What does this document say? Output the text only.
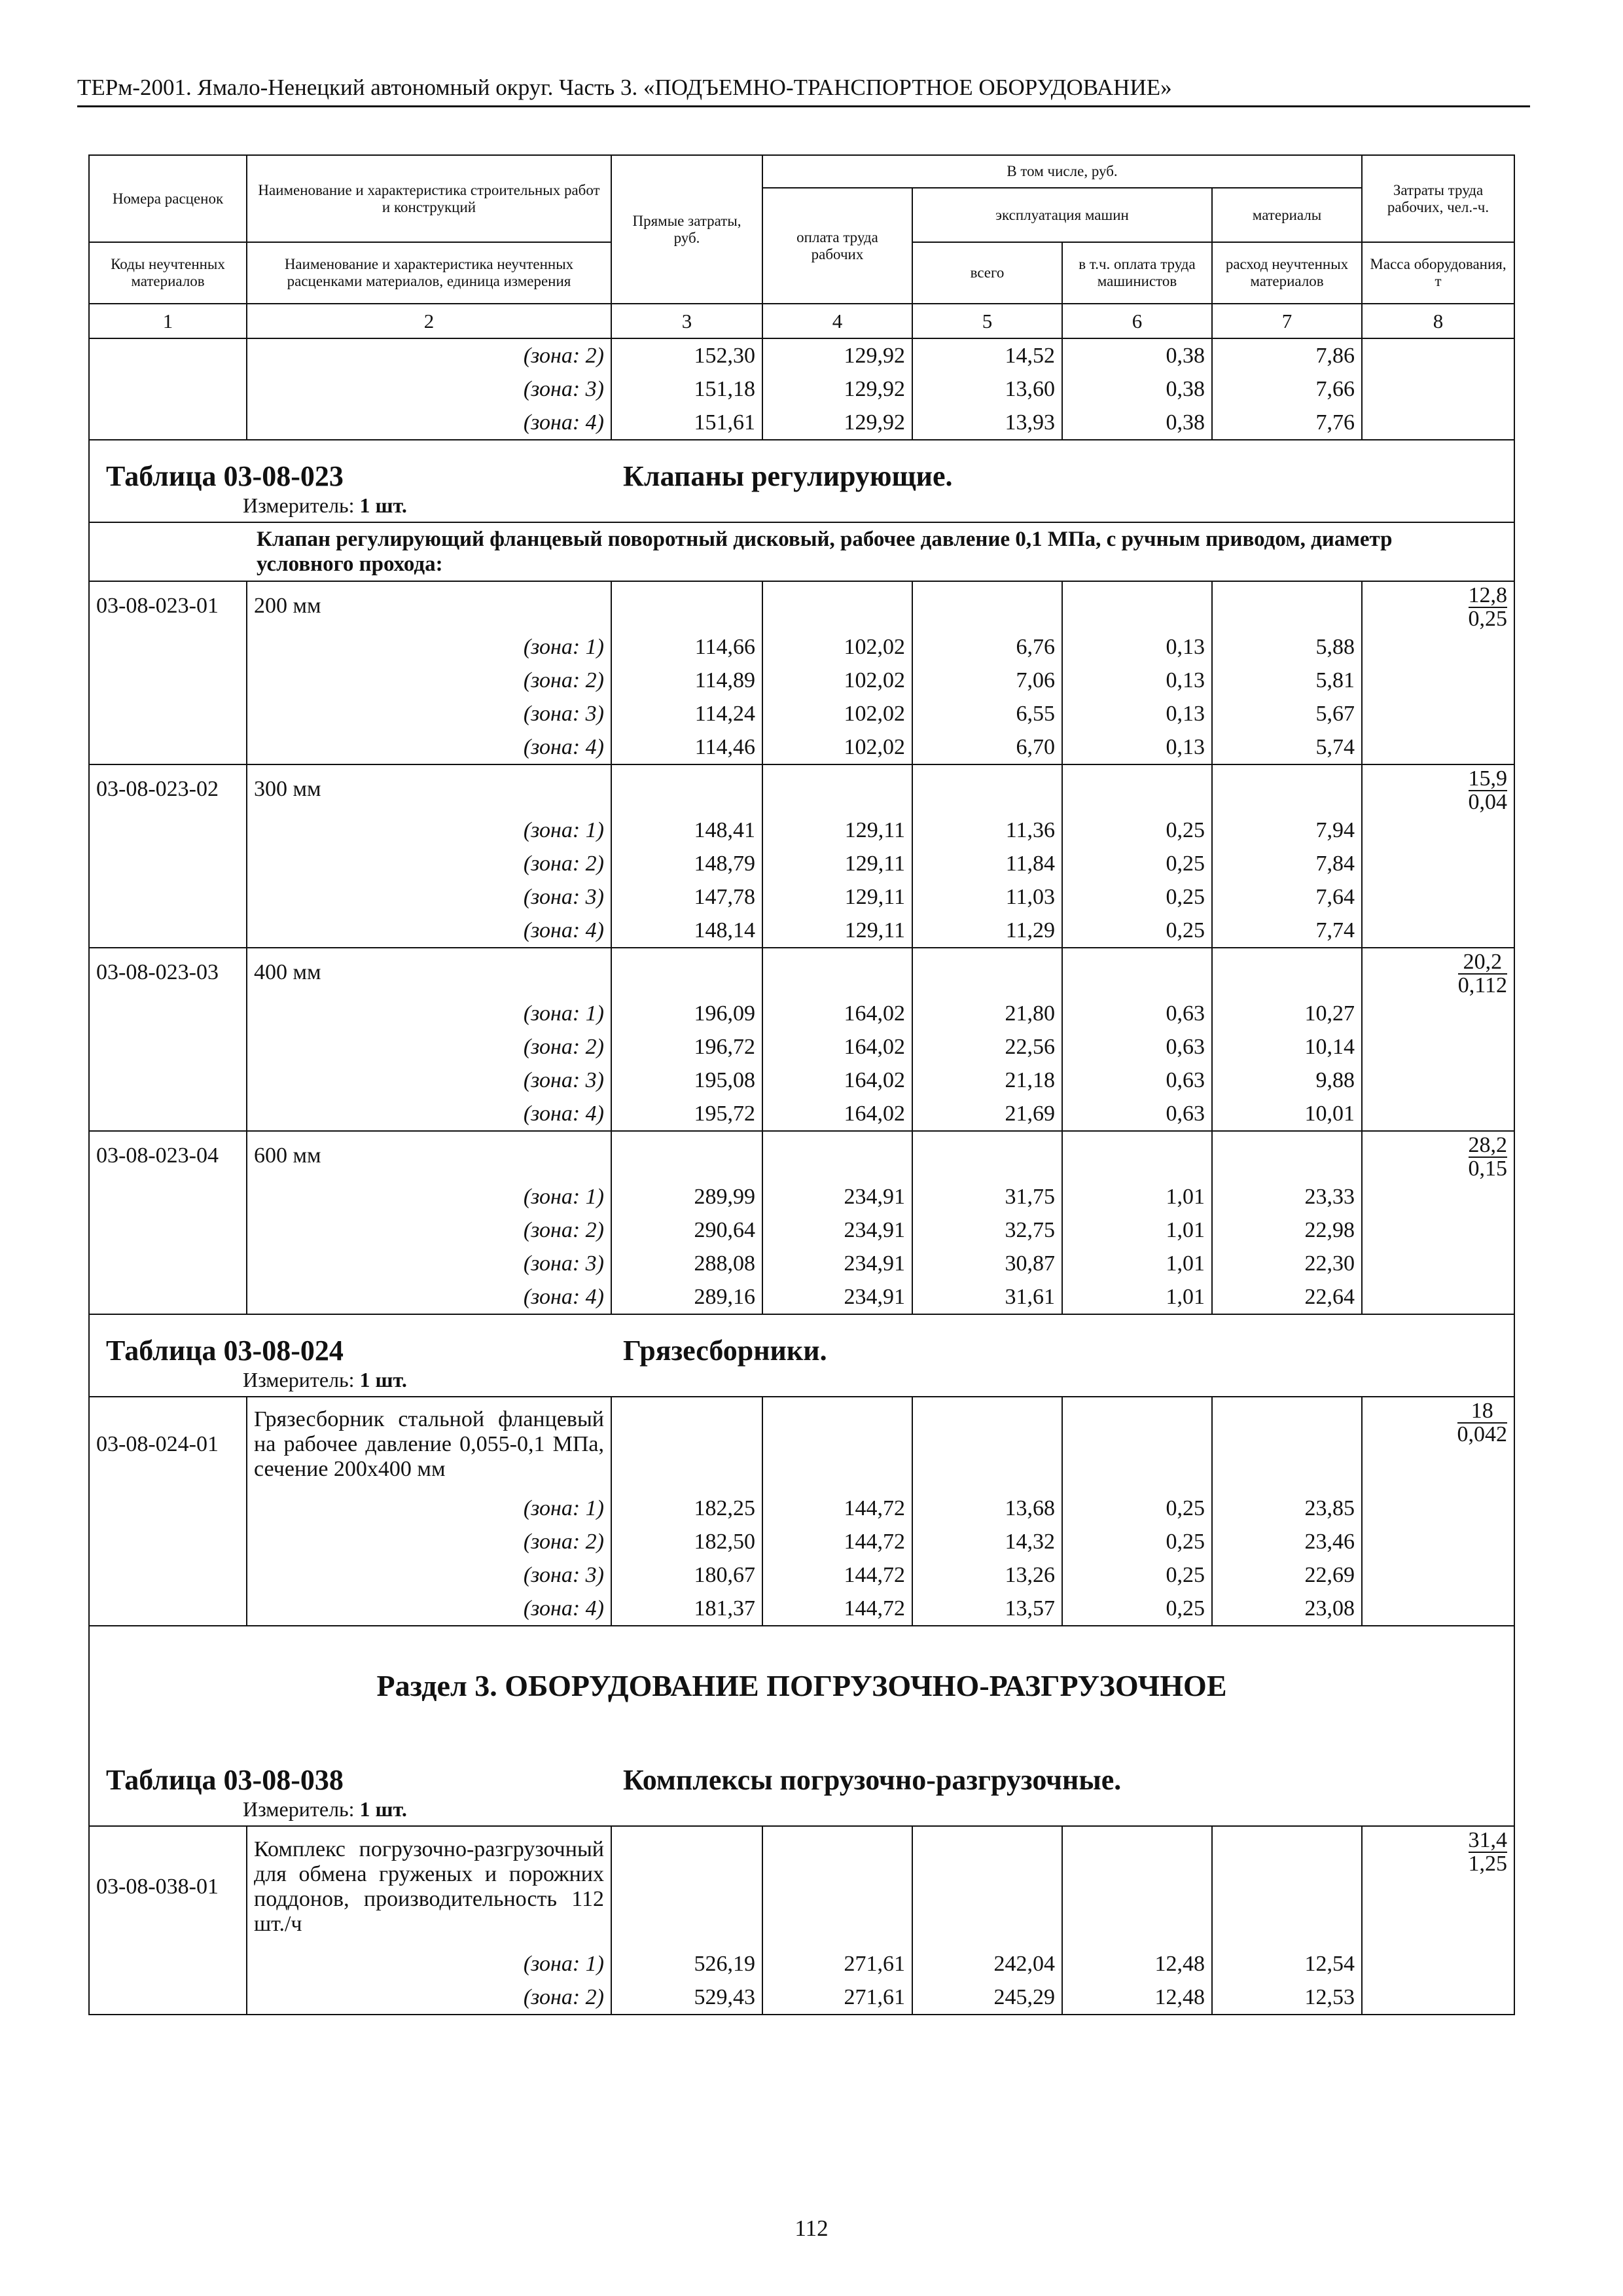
ТЕРм-2001. Ямало-Ненецкий автономный округ. Часть 3. «ПОДЪЕМНО-ТРАНСПОРТНОЕ ОБОРУДОВАНИЕ»
Номера расценок	Наименование и характеристика строительных работ и конструкций	Прямые затраты, руб.	В том числе, руб.				Затраты труда рабочих, чел.-ч.
			оплата труда рабочих	эксплуатация машин		материалы	
Коды неучтенных материалов	Наименование и характеристика неучтенных расценками материалов, единица измерения			всего	в т.ч. оплата труда машинистов	расход неучтенных материалов	Масса оборудования, т
1	2	3	4	5	6	7	8
	(зона: 2)	152,30	129,92	14,52	0,38	7,86	
	(зона: 3)	151,18	129,92	13,60	0,38	7,66	
	(зона: 4)	151,61	129,92	13,93	0,38	7,76	
Таблица 03-08-023 Клапаны регулирующие.							
Измеритель: 1 шт.							
Клапан регулирующий фланцевый поворотный дисковый, рабочее давление 0,1 МПа, с ручным приводом, диаметр условного прохода:							
03-08-023-01	200 мм						$\frac{12,8}{0,25}$

	(зона: 1)	114,66	102,02	6,76	0,13	5,88	
	(зона: 2)	114,89	102,02	7,06	0,13	5,81	
	(зона: 3)	114,24	102,02	6,55	0,13	5,67	
	(зона: 4)	114,46	102,02	6,70	0,13	5,74	
03-08-023-02	300 мм						$\frac{15,9}{0,04}$

	(зона: 1)	148,41	129,11	11,36	0,25	7,94	
	(зона: 2)	148,79	129,11	11,84	0,25	7,84	
	(зона: 3)	147,78	129,11	11,03	0,25	7,64	
	(зона: 4)	148,14	129,11	11,29	0,25	7,74	
03-08-023-03	400 мм						$\frac{20,2}{0,112}$

	(зона: 1)	196,09	164,02	21,80	0,63	10,27	
	(зона: 2)	196,72	164,02	22,56	0,63	10,14	
	(зона: 3)	195,08	164,02	21,18	0,63	9,88	
	(зона: 4)	195,72	164,02	21,69	0,63	10,01	
03-08-023-04	600 мм						$\frac{28,2}{0,15}$

	(зона: 1)	289,99	234,91	31,75	1,01	23,33	
	(зона: 2)	290,64	234,91	32,75	1,01	22,98	
	(зона: 3)	288,08	234,91	30,87	1,01	22,30	
	(зона: 4)	289,16	234,91	31,61	1,01	22,64	
Таблица 03-08-024 Грязесборники.							
Измеритель: 1 шт.							
03-08-024-01	Грязесборник стальной фланцевый на рабочее давление 0,055-0,1 МПа, сечение 200х400 мм						$\frac{18}{0,042}$

	(зона: 1)	182,25	144,72	13,68	0,25	23,85	
	(зона: 2)	182,50	144,72	14,32	0,25	23,46	
	(зона: 3)	180,67	144,72	13,26	0,25	22,69	
	(зона: 4)	181,37	144,72	13,57	0,25	23,08	
Раздел 3. ОБОРУДОВАНИЕ ПОГРУЗОЧНО-РАЗГРУЗОЧНОЕ							
Таблица 03-08-038 Комплексы погрузочно-разгрузочные.							
Измеритель: 1 шт.							
03-08-038-01	Комплекс погрузочно-разгрузочный для обмена груженых и порожних поддонов, производительность 112 шт./ч						$\frac{31,4}{1,25}$

	(зона: 1)	526,19	271,61	242,04	12,48	12,54	
	(зона: 2)	529,43	271,61	245,29	12,48	12,53	
112
